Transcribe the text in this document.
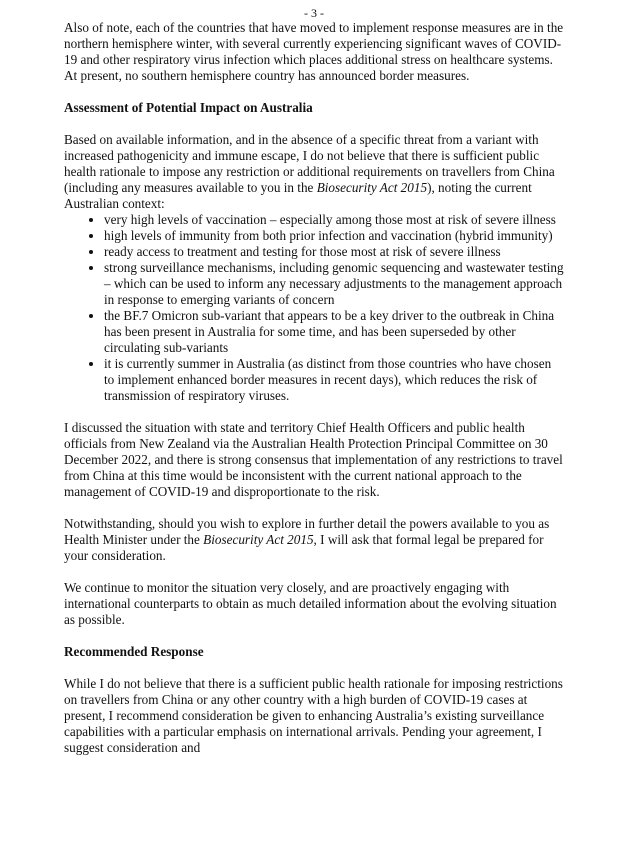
- 3 -

Also of note, each of the countries that have moved to implement response measures are in the northern hemisphere winter, with several currently experiencing significant waves of COVID-19 and other respiratory virus infection which places additional stress on healthcare systems. At present, no southern hemisphere country has announced border measures.

Assessment of Potential Impact on Australia

Based on available information, and in the absence of a specific threat from a variant with increased pathogenicity and immune escape, I do not believe that there is sufficient public health rationale to impose any restriction or additional requirements on travellers from China (including any measures available to you in the Biosecurity Act 2015), noting the current Australian context:

• very high levels of vaccination – especially among those most at risk of severe illness
• high levels of immunity from both prior infection and vaccination (hybrid immunity)
• ready access to treatment and testing for those most at risk of severe illness
• strong surveillance mechanisms, including genomic sequencing and wastewater testing – which can be used to inform any necessary adjustments to the management approach in response to emerging variants of concern
• the BF.7 Omicron sub-variant that appears to be a key driver to the outbreak in China has been present in Australia for some time, and has been superseded by other circulating sub-variants
• it is currently summer in Australia (as distinct from those countries who have chosen to implement enhanced border measures in recent days), which reduces the risk of transmission of respiratory viruses.

I discussed the situation with state and territory Chief Health Officers and public health officials from New Zealand via the Australian Health Protection Principal Committee on 30 December 2022, and there is strong consensus that implementation of any restrictions to travel from China at this time would be inconsistent with the current national approach to the management of COVID-19 and disproportionate to the risk.

Notwithstanding, should you wish to explore in further detail the powers available to you as Health Minister under the Biosecurity Act 2015, I will ask that formal legal be prepared for your consideration.

We continue to monitor the situation very closely, and are proactively engaging with international counterparts to obtain as much detailed information about the evolving situation as possible.

Recommended Response

While I do not believe that there is a sufficient public health rationale for imposing restrictions on travellers from China or any other country with a high burden of COVID-19 cases at present, I recommend consideration be given to enhancing Australia’s existing surveillance capabilities with a particular emphasis on international arrivals. Pending your agreement, I suggest consideration and
